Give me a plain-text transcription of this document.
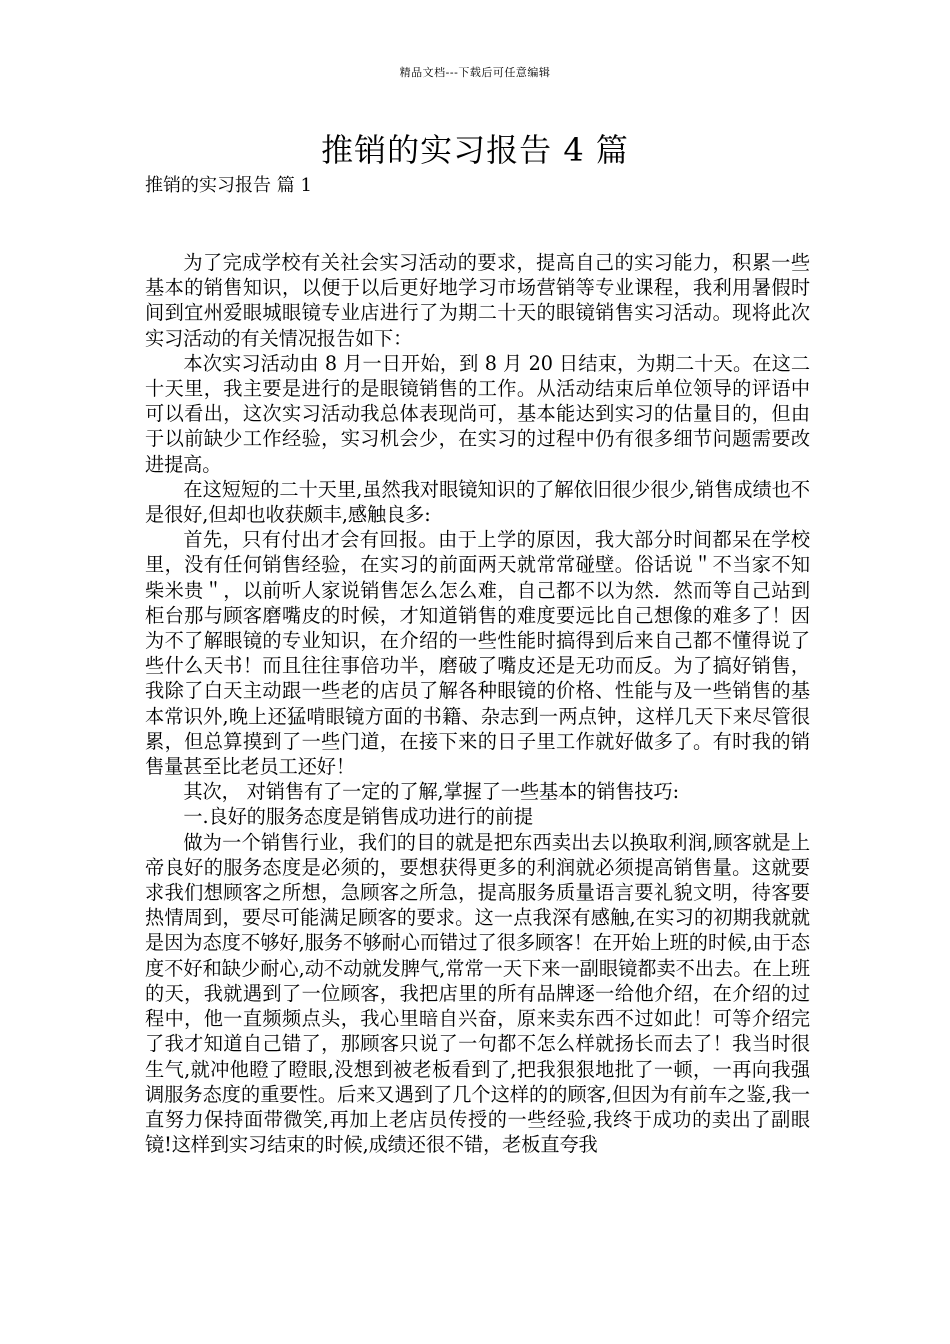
精品文档---下载后可任意编辑
推销的实习报告 4 篇
推销的实习报告 篇 1

为了完成学校有关社会实习活动的要求，提高自己的实习能力，积累一些基本的销售知识，以便于以后更好地学习市场营销等专业课程，我利用暑假时间到宜州爱眼城眼镜专业店进行了为期二十天的眼镜销售实习活动。现将此次实习活动的有关情况报告如下：

本次实习活动由 8 月一日开始，到 8 月 20 日结束，为期二十天。在这二十天里，我主要是进行的是眼镜销售的工作。从活动结束后单位领导的评语中可以看出，这次实习活动我总体表现尚可，基本能达到实习的估量目的，但由于以前缺少工作经验，实习机会少，在实习的过程中仍有很多细节问题需要改进提高。

在这短短的二十天里,虽然我对眼镜知识的了解依旧很少很少,销售成绩也不是很好,但却也收获颇丰,感触良多:

首先，只有付出才会有回报。由于上学的原因，我大部分时间都呆在学校里，没有任何销售经验，在实习的前面两天就常常碰壁。俗话说＂不当家不知柴米贵＂，以前听人家说销售怎么怎么难，自己都不以为然．然而等自己站到柜台那与顾客磨嘴皮的时候，才知道销售的难度要远比自己想像的难多了！因为不了解眼镜的专业知识，在介绍的一些性能时搞得到后来自己都不懂得说了些什么天书！而且往往事倍功半，磨破了嘴皮还是无功而反。为了搞好销售，我除了白天主动跟一些老的店员了解各种眼镜的价格、性能与及一些销售的基本常识外,晚上还猛啃眼镜方面的书籍、杂志到一两点钟，这样几天下来尽管很累，但总算摸到了一些门道，在接下来的日子里工作就好做多了。有时我的销售量甚至比老员工还好！

其次， 对销售有了一定的了解,掌握了一些基本的销售技巧:

一.良好的服务态度是销售成功进行的前提

做为一个销售行业，我们的目的就是把东西卖出去以换取利润,顾客就是上帝良好的服务态度是必须的，要想获得更多的利润就必须提高销售量。这就要求我们想顾客之所想，急顾客之所急，提高服务质量语言要礼貌文明，待客要热情周到，要尽可能满足顾客的要求。这一点我深有感触,在实习的初期我就就是因为态度不够好,服务不够耐心而错过了很多顾客！在开始上班的时候,由于态度不好和缺少耐心,动不动就发脾气,常常一天下来一副眼镜都卖不出去。在上班的天，我就遇到了一位顾客，我把店里的所有品牌逐一给他介绍，在介绍的过程中，他一直频频点头，我心里暗自兴奋，原来卖东西不过如此！可等介绍完了我才知道自己错了，那顾客只说了一句都不怎么样就扬长而去了！我当时很生气,就冲他瞪了瞪眼,没想到被老板看到了,把我狠狠地批了一顿，一再向我强调服务态度的重要性。后来又遇到了几个这样的的顾客,但因为有前车之鉴,我一直努力保持面带微笑,再加上老店员传授的一些经验,我终于成功的卖出了副眼镜!这样到实习结束的时候,成绩还很不错，老板直夸我
